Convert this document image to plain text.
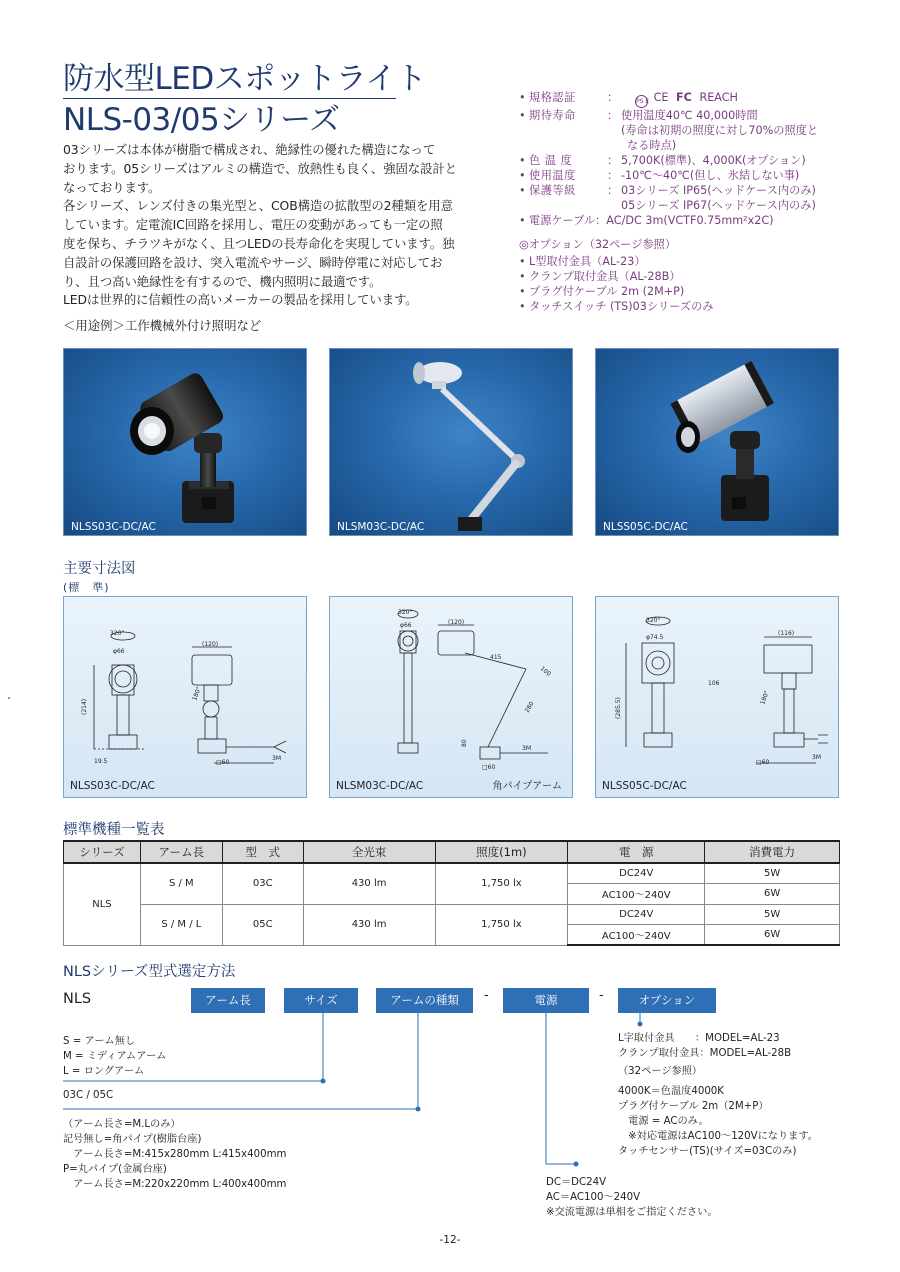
防水型LEDスポットライト
NLS-03/05シリーズ

03シリーズは本体が樹脂で構成され、絶縁性の優れた構造になって

おります。05シリーズはアルミの構造で、放熱性も良く、強固な設計と

なっております。

各シリーズ、レンズ付きの集光型と、COB構造の拡散型の2種類を用意

しています。定電流IC回路を採用し、電圧の変動があっても一定の照

度を保ち、チラツキがなく、且つLEDの長寿命化を実現しています。独

自設計の保護回路を設け、突入電流やサージ、瞬時停電に対応してお

り、且つ高い絶縁性を有するので、機内照明に最適です。

LEDは世界的に信頼性の高いメーカーの製品を採用しています。

＜用途例＞工作機械外付け照明など
• 規格認証	：	PS E CE FC REACH
• 期待寿命	： 使用温度40℃ 40,000時間
(寿命は初期の照度に対し70%の照度と
なる時点)
• 色 温 度	： 5,700K(標準)、4,000K(オプション)
• 使用温度	： -10℃〜40℃(但し、氷結しない事)
• 保護等級	： 03シリーズ IP65(ヘッドケース内のみ)
05シリーズ IP67(ヘッドケース内のみ)
• 電源ケーブル：AC/DC 3m(VCTF0.75mm²x2C)
◎オプション（32ページ参照）
• L型取付金具（AL-23）
• クランプ取付金具（AL-28B）
• プラグ付ケーブル 2m (2M+P)
• タッチスイッチ (TS)03シリーズのみ
NLSS03C-DC/AC	NLSM03C-DC/AC	NLSS05C-DC/AC
主要寸法図
(標　準)
320°
φ66
(120)
(214)
19.5	□60
3M
180°
NLSS03C-DC/AC
320°
φ66	(120)
415
100
280
80
□60
3M
NLSM03C-DC/AC	角パイプアーム
320°
φ74.5
(116)
(285.5)	180°
106
□60
3M
NLSS05C-DC/AC
標準機種一覧表
シリーズ	アーム長	型　式	全光束	照度(1m)	電　源	消費電力
NLS	S / M	03C	430 lm	1,750 lx	DC24V	5W
					AC100〜240V	6W
	S / M / L	05C	430 lm	1,750 lx	DC24V	5W
					AC100〜240V	6W
NLSシリーズ型式選定方法
NLS	アーム長	サイズ	アームの種類	-	電源	-	オプション
S = アーム無し
M = ミディアムアーム
L = ロングアーム
03C / 05C
（アーム長さ=M.Lのみ）
記号無し=角パイプ(樹脂台座)
　アーム長さ=M:415x280mm L:415x400mm
P=丸パイプ(金属台座)
　アーム長さ=M:220x220mm L:400x400mm	DC＝DC24V
AC＝AC100〜240V
※交流電源は単相をご指定ください。
L字取付金具　　：MODEL=AL-23
クランプ取付金具：MODEL=AL-28B
（32ページ参照）
4000K＝色温度4000K
プラグ付ケーブル 2m（2M+P）
　電源 = ACのみ。
　※対応電源はAC100〜120Vになります。
タッチセンサー(TS)(サイズ=03Cのみ)
-12-
